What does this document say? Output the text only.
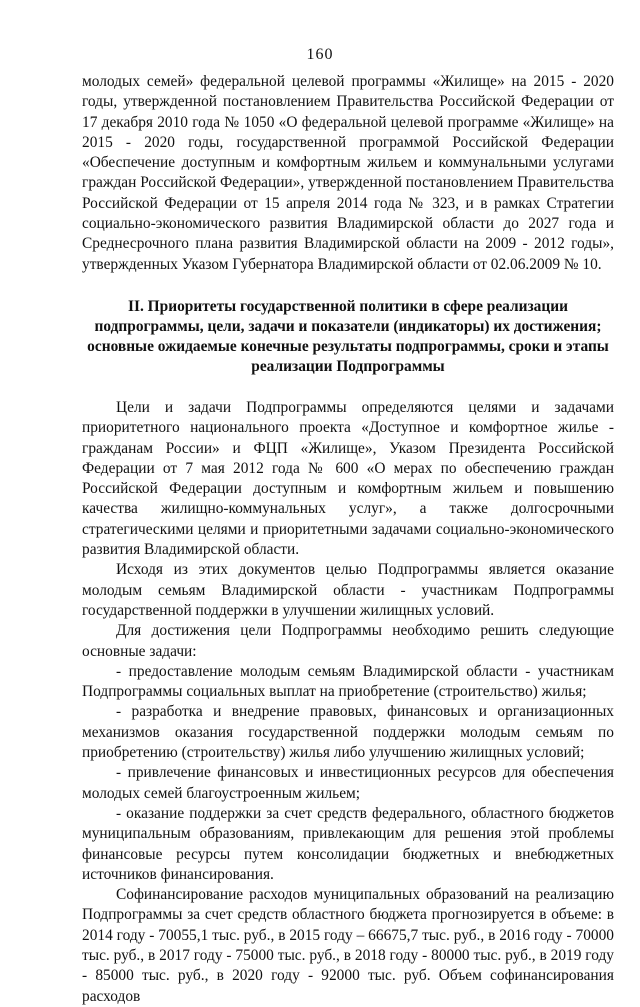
160

молодых семей» федеральной целевой программы «Жилище» на 2015 - 2020 годы, утвержденной постановлением Правительства Российской Федерации от 17 декабря 2010 года № 1050 «О федеральной целевой программе «Жилище» на 2015 - 2020 годы, государственной программой Российской Федерации «Обеспечение доступным и комфортным жильем и коммунальными услугами граждан Российской Федерации», утвержденной постановлением Правительства Российской Федерации от 15 апреля 2014 года № 323, и в рамках Стратегии социально-экономического развития Владимирской области до 2027 года и Среднесрочного плана развития Владимирской области на 2009 - 2012 годы», утвержденных Указом Губернатора Владимирской области от 02.06.2009 № 10.

II. Приоритеты государственной политики в сфере реализации подпрограммы, цели, задачи и показатели (индикаторы) их достижения; основные ожидаемые конечные результаты подпрограммы, сроки и этапы реализации Подпрограммы

Цели и задачи Подпрограммы определяются целями и задачами приоритетного национального проекта «Доступное и комфортное жилье - гражданам России» и ФЦП «Жилище», Указом Президента Российской Федерации от 7 мая 2012 года № 600 «О мерах по обеспечению граждан Российской Федерации доступным и комфортным жильем и повышению качества жилищно-коммунальных услуг», а также долгосрочными стратегическими целями и приоритетными задачами социально-экономического развития Владимирской области.

Исходя из этих документов целью Подпрограммы является оказание молодым семьям Владимирской области - участникам Подпрограммы государственной поддержки в улучшении жилищных условий.

Для достижения цели Подпрограммы необходимо решить следующие основные задачи:

- предоставление молодым семьям Владимирской области - участникам Подпрограммы социальных выплат на приобретение (строительство) жилья;

- разработка и внедрение правовых, финансовых и организационных механизмов оказания государственной поддержки молодым семьям по приобретению (строительству) жилья либо улучшению жилищных условий;

- привлечение финансовых и инвестиционных ресурсов для обеспечения молодых семей благоустроенным жильем;

- оказание поддержки за счет средств федерального, областного бюджетов муниципальным образованиям, привлекающим для решения этой проблемы финансовые ресурсы путем консолидации бюджетных и внебюджетных источников финансирования.

Софинансирование расходов муниципальных образований на реализацию Подпрограммы за счет средств областного бюджета прогнозируется в объеме: в 2014 году - 70055,1 тыс. руб., в 2015 году – 66675,7 тыс. руб., в 2016 году - 70000 тыс. руб., в 2017 году - 75000 тыс. руб., в 2018 году - 80000 тыс. руб., в 2019 году - 85000 тыс. руб., в 2020 году - 92000 тыс. руб. Объем софинансирования расходов
